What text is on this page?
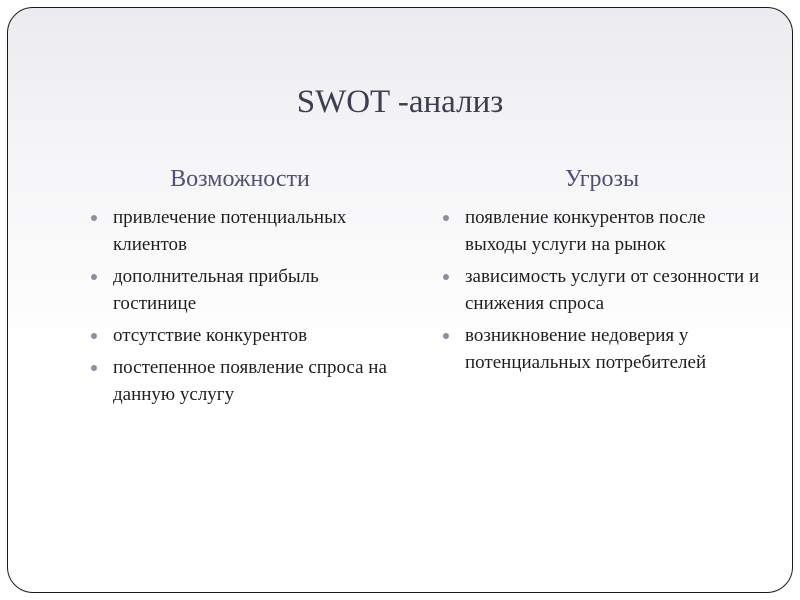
SWOT -анализ
Возможности
привлечение потенциальных клиентов
дополнительная прибыль гостинице
отсутствие конкурентов
постепенное появление спроса на данную услугу
Угрозы
появление конкурентов после выходы услуги на рынок
зависимость услуги от сезонности и снижения спроса
возникновение недоверия у потенциальных потребителей
